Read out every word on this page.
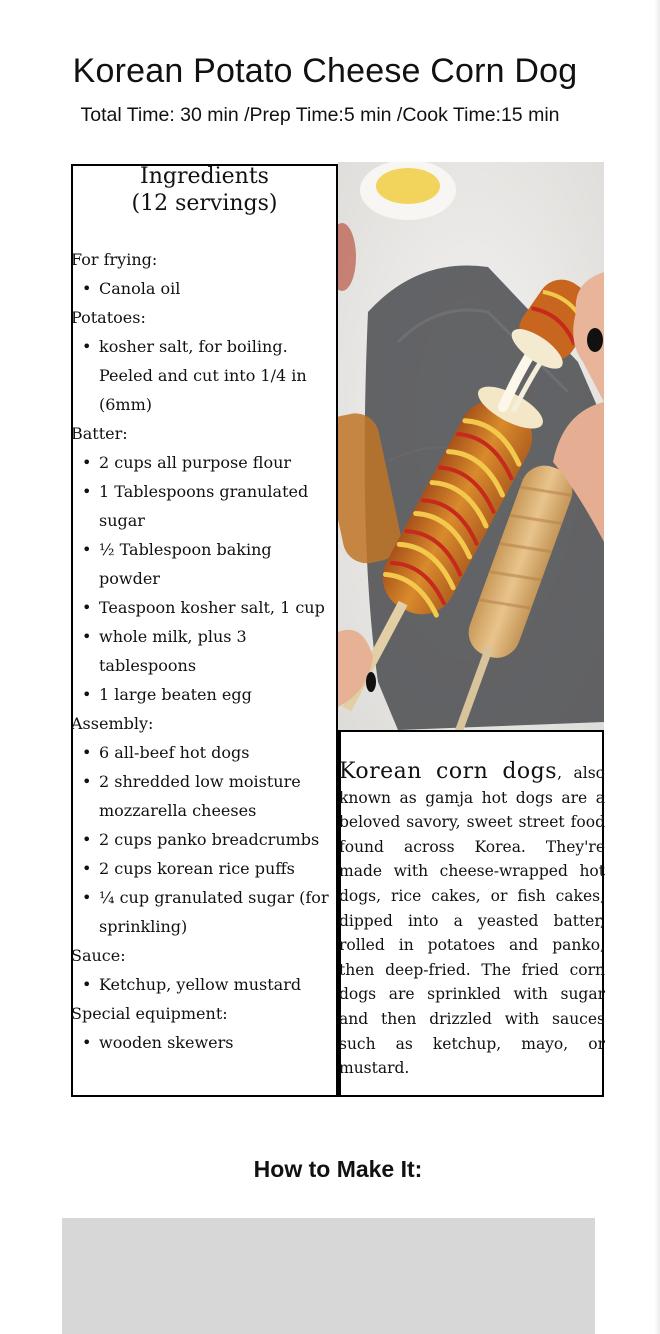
Korean Potato Cheese Corn Dog
Total Time: 30 min /Prep Time:5 min /Cook Time:15 min
Ingredients
(12 servings)
For frying:
• Canola oil
Potatoes:
• kosher salt, for boiling. Peeled and cut into 1/4 in (6mm)
Batter:
• 2 cups all purpose flour
• 1 Tablespoons granulated sugar
• ½ Tablespoon baking powder
• Teaspoon kosher salt, 1 cup
• whole milk, plus 3 tablespoons
• 1 large beaten egg
Assembly:
• 6 all-beef hot dogs
• 2 shredded low moisture mozzarella cheeses
• 2 cups panko breadcrumbs
• 2 cups korean rice puffs
• ¼ cup granulated sugar (for sprinkling)
Sauce:
• Ketchup, yellow mustard
Special equipment:
• wooden skewers

Korean corn dogs, also known as gamja hot dogs are a beloved savory, sweet street food found across Korea. They're made with cheese-wrapped hot dogs, rice cakes, or fish cakes, dipped into a yeasted batter, rolled in potatoes and panko, then deep-fried. The fried corn dogs are sprinkled with sugar and then drizzled with sauces such as ketchup, mayo, or mustard.

How to Make It:
